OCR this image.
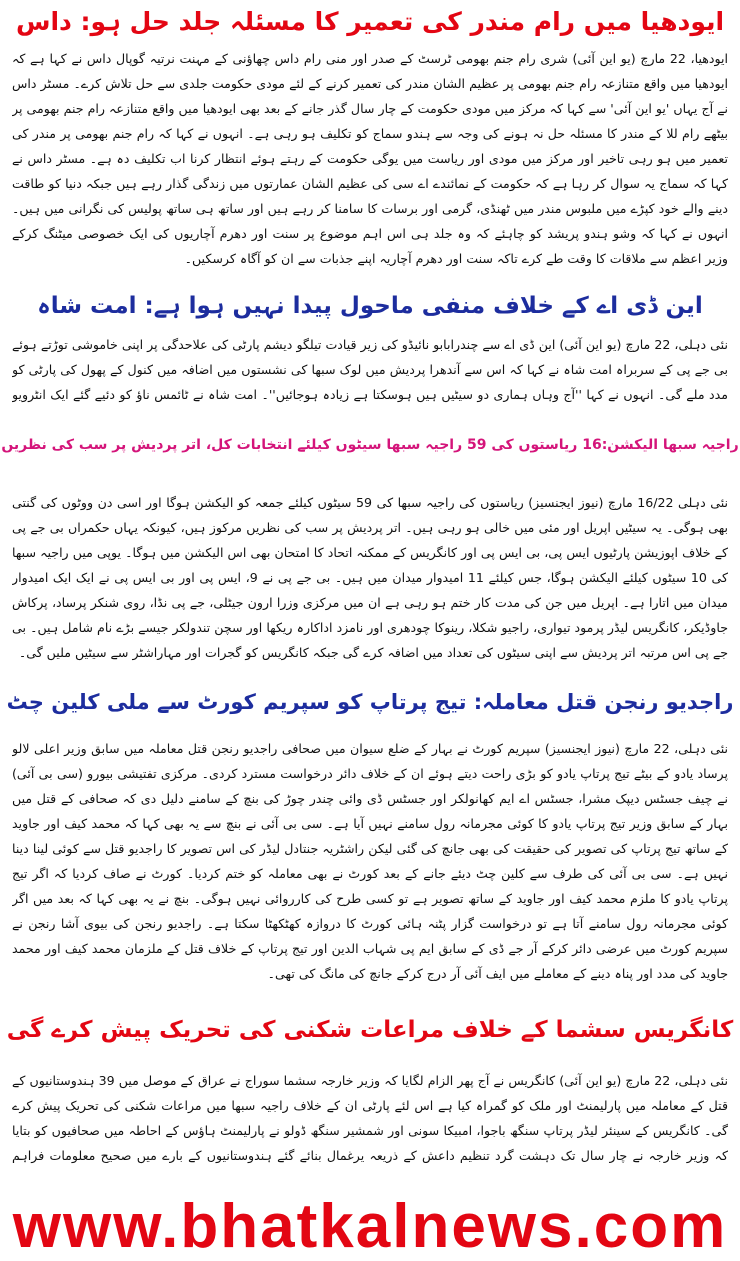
ایودھیا میں رام مندر کی تعمیر کا مسئلہ جلد حل ہو: داس

ایودھیا، 22 مارچ (یو این آئی) شری رام جنم بھومی ٹرسٹ کے صدر اور منی رام داس چھاؤنی کے مہنت نرتیہ گوپال داس نے کہا ہے کہ ایودھیا میں واقع متنازعہ رام جنم بھومی پر عظیم الشان مندر کی تعمیر کرنے کے لئے مودی حکومت جلدی سے حل تلاش کرے۔ مسٹر داس نے آج یہاں 'یو این آئی' سے کہا کہ مرکز میں مودی حکومت کے چار سال گذر جانے کے بعد بھی ایودھیا میں واقع متنازعہ رام جنم بھومی پر بیٹھے رام للا کے مندر کا مسئلہ حل نہ ہونے کی وجہ سے ہندو سماج کو تکلیف ہو رہی ہے۔ انہوں نے کہا کہ رام جنم بھومی پر مندر کی تعمیر میں ہو رہی تاخیر اور مرکز میں مودی اور ریاست میں یوگی حکومت کے رہتے ہوئے انتظار کرنا اب تکلیف دہ ہے۔ مسٹر داس نے کہا کہ سماج یہ سوال کر رہا ہے کہ حکومت کے نمائندے اے سی کی عظیم الشان عمارتوں میں زندگی گذار رہے ہیں جبکہ دنیا کو طاقت دینے والے خود کپڑے میں ملبوس مندر میں ٹھنڈی، گرمی اور برسات کا سامنا کر رہے ہیں اور ساتھ ہی ساتھ پولیس کی نگرانی میں ہیں۔ انہوں نے کہا کہ وشو ہندو پریشد کو چاہئے کہ وہ جلد ہی اس اہم موضوع پر سنت اور دھرم آچاریوں کی ایک خصوصی میٹنگ کرکے وزیر اعظم سے ملاقات کا وقت طے کرے تاکہ سنت اور دھرم آچاریہ اپنے جذبات سے ان کو آگاہ کرسکیں۔

این ڈی اے کے خلاف منفی ماحول پیدا نہیں ہوا ہے: امت شاہ

نئی دہلی، 22 مارچ (یو این آئی) این ڈی اے سے چندرابابو نائیڈو کی زیر قیادت تیلگو دیشم پارٹی کی علاحدگی پر اپنی خاموشی توڑتے ہوئے بی جے پی کے سربراہ امت شاہ نے کہا کہ اس سے آندھرا پردیش میں لوک سبھا کی نشستوں میں اضافہ میں کنول کے پھول کی پارٹی کو مدد ملے گی۔ انہوں نے کہا ''آج وہاں ہماری دو سیٹیں ہیں ہوسکتا ہے زیادہ ہوجائیں''۔ امت شاہ نے ٹائمس ناؤ کو دئیے گئے ایک انٹرویو

راجیہ سبھا الیکشن:16 ریاستوں کی 59 راجیہ سبھا سیٹوں کیلئے انتخابات کل، اتر پردیش پر سب کی نظریں

نئی دہلی 16/22 مارچ (نیوز ایجنسیز) ریاستوں کی راجیہ سبھا کی 59 سیٹوں کیلئے جمعہ کو الیکشن ہوگا اور اسی دن ووٹوں کی گنتی بھی ہوگی۔ یہ سیٹیں اپریل اور مئی میں خالی ہو رہی ہیں۔ اتر پردیش پر سب کی نظریں مرکوز ہیں، کیونکہ یہاں حکمراں بی جے پی کے خلاف اپوزیشن پارٹیوں ایس پی، بی ایس پی اور کانگریس کے ممکنہ اتحاد کا امتحان بھی اس الیکشن میں ہوگا۔ یوپی میں راجیہ سبھا کی 10 سیٹوں کیلئے الیکشن ہوگا، جس کیلئے 11 امیدوار میدان میں ہیں۔ بی جے پی نے 9، ایس پی اور بی ایس پی نے ایک ایک امیدوار میدان میں اتارا ہے۔ اپریل میں جن کی مدت کار ختم ہو رہی ہے ان میں مرکزی وزرا ارون جیٹلی، جے پی نڈا، روی شنکر پرساد، پرکاش جاوڈیکر، کانگریس لیڈر پرمود تیواری، راجیو شکلا، رینوکا چودھری اور نامزد اداکارہ ریکھا اور سچن تندولکر جیسے بڑے نام شامل ہیں۔ بی جے پی اس مرتبہ اتر پردیش سے اپنی سیٹوں کی تعداد میں اضافہ کرے گی جبکہ کانگریس کو گجرات اور مہاراشٹر سے سیٹیں ملیں گی۔

راجدیو رنجن قتل معاملہ: تیج پرتاپ کو سپریم کورٹ سے ملی کلین چٹ

نئی دہلی، 22 مارچ (نیوز ایجنسیز) سپریم کورٹ نے بہار کے ضلع سیوان میں صحافی راجدیو رنجن قتل معاملہ میں سابق وزیر اعلی لالو پرساد یادو کے بیٹے تیج پرتاپ یادو کو بڑی راحت دیتے ہوئے ان کے خلاف دائر درخواست مسترد کردی۔ مرکزی تفتیشی بیورو (سی بی آئی) نے چیف جسٹس دیپک مشرا، جسٹس اے ایم کھانولکر اور جسٹس ڈی وائی چندر چوڑ کی بنچ کے سامنے دلیل دی کہ صحافی کے قتل میں بہار کے سابق وزیر تیج پرتاپ یادو کا کوئی مجرمانہ رول سامنے نہیں آیا ہے۔ سی بی آئی نے بنچ سے یہ بھی کہا کہ محمد کیف اور جاوید کے ساتھ تیج پرتاپ کی تصویر کی حقیقت کی بھی جانچ کی گئی لیکن راشٹریہ جنتادل لیڈر کی اس تصویر کا راجدیو قتل سے کوئی لینا دینا نہیں ہے۔ سی بی آئی کی طرف سے کلین چٹ دیئے جانے کے بعد کورٹ نے بھی معاملہ کو ختم کردیا۔ کورٹ نے صاف کردیا کہ اگر تیج پرتاپ یادو کا ملزم محمد کیف اور جاوید کے ساتھ تصویر ہے تو کسی طرح کی کارروائی نہیں ہوگی۔ بنچ نے یہ بھی کہا کہ بعد میں اگر کوئی مجرمانہ رول سامنے آتا ہے تو درخواست گزار پٹنہ ہائی کورٹ کا دروازہ کھٹکھٹا سکتا ہے۔ راجدیو رنجن کی بیوی آشا رنجن نے سپریم کورٹ میں عرضی دائر کرکے آر جے ڈی کے سابق ایم پی شہاب الدین اور تیج پرتاپ کے خلاف قتل کے ملزمان محمد کیف اور محمد جاوید کی مدد اور پناہ دینے کے معاملے میں ایف آئی آر درج کرکے جانچ کی مانگ کی تھی۔

کانگریس سشما کے خلاف مراعات شکنی کی تحریک پیش کرے گی

نئی دہلی، 22 مارچ (یو این آئی) کانگریس نے آج پھر الزام لگایا کہ وزیر خارجہ سشما سوراج نے عراق کے موصل میں 39 ہندوستانیوں کے قتل کے معاملہ میں پارلیمنٹ اور ملک کو گمراہ کیا ہے اس لئے پارٹی ان کے خلاف راجیہ سبھا میں مراعات شکنی کی تحریک پیش کرے گی۔ کانگریس کے سینئر لیڈر پرتاپ سنگھ باجوا، امبیکا سونی اور شمشیر سنگھ ڈولو نے پارلیمنٹ ہاؤس کے احاطہ میں صحافیوں کو بتایا کہ وزیر خارجہ نے چار سال تک دہشت گرد تنظیم داعش کے ذریعہ یرغمال بنائے گئے ہندوستانیوں کے بارے میں صحیح معلومات فراہم

www.bhatkalnews.com
